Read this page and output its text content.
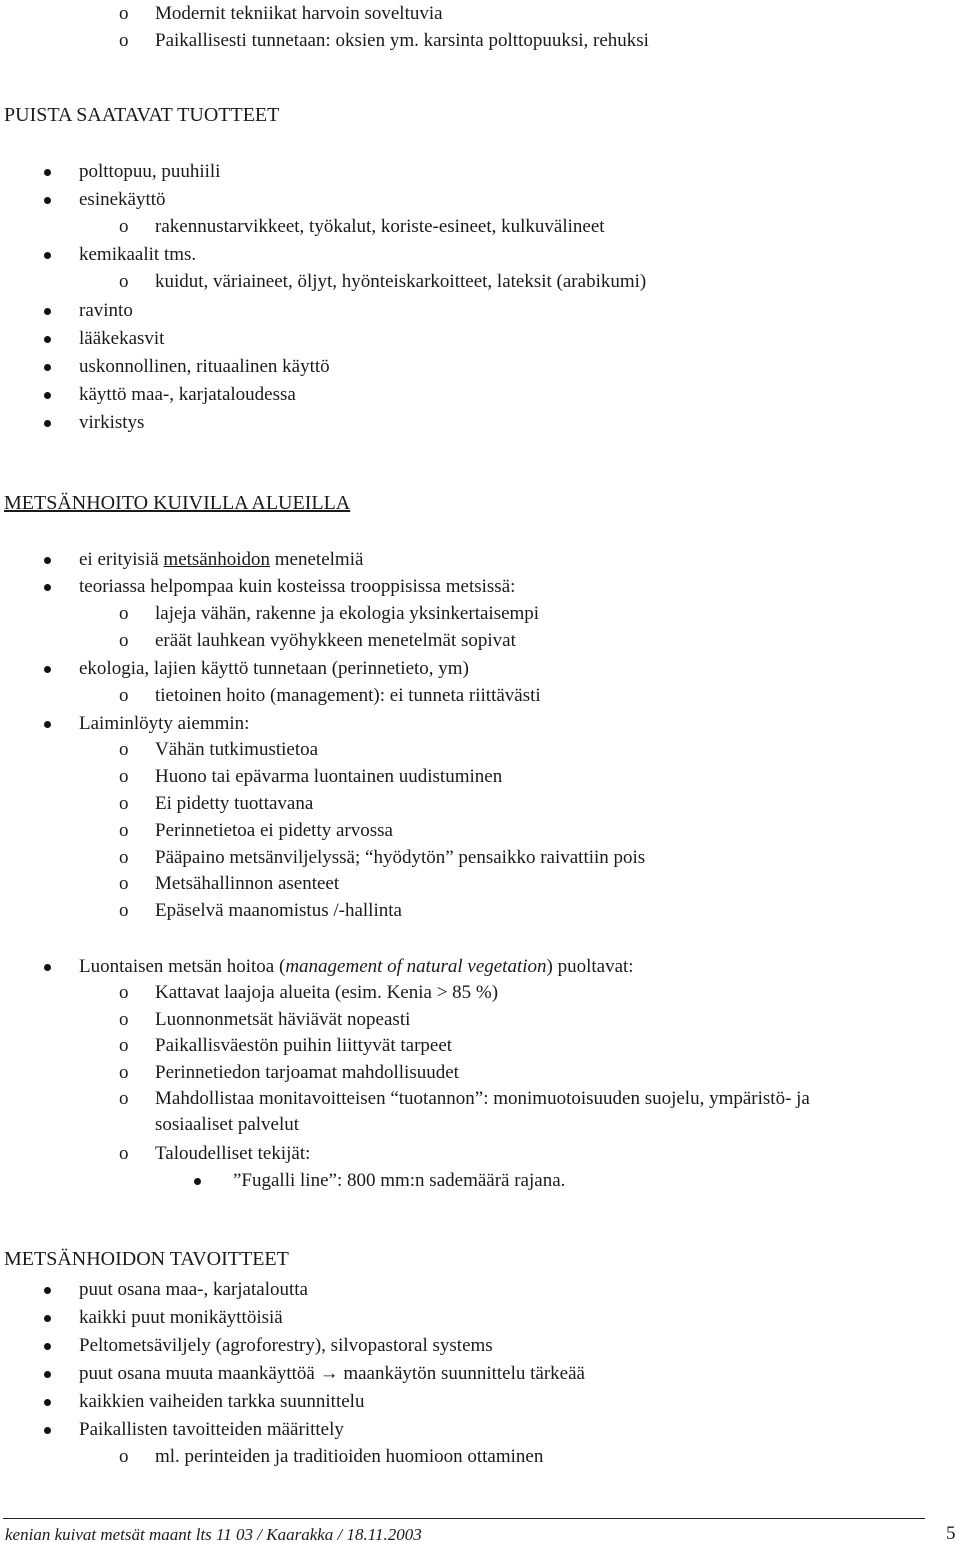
o Modernit tekniikat harvoin soveltuvia
o Paikallisesti tunnetaan: oksien ym. karsinta polttopuuksi, rehuksi
PUISTA SAATAVAT TUOTTEET
polttopuu, puuhiili
esinekäyttö
o rakennustarvikkeet, työkalut, koriste-esineet, kulkuvälineet
kemikaalit tms.
o kuidut, väriaineet, öljyt, hyönteiskarkoitteet, lateksit (arabikumi)
ravinto
lääkekasvit
uskonnollinen, rituaalinen käyttö
käyttö maa-, karjataloudessa
virkistys
METSÄNHOITO KUIVILLA ALUEILLA
ei erityisiä metsänhoidon menetelmiä
teoriassa helpompaa kuin kosteissa trooppisissa metsissä:
o lajeja vähän, rakenne ja ekologia yksinkertaisempi
o eräät lauhkean vyöhykkeen menetelmät sopivat
ekologia, lajien käyttö tunnetaan (perinnetieto, ym)
o tietoinen hoito (management): ei tunneta riittävästi
Laiminlöyty aiemmin:
o Vähän tutkimustietoa
o Huono tai epävarma luontainen uudistuminen
o Ei pidetty tuottavana
o Perinnetietoa ei pidetty arvossa
o Pääpaino metsänviljelyssä; “hyödytön” pensaikko raivattiin pois
o Metsähallinnon asenteet
o Epäselvä maanomistus /-hallinta
Luontaisen metsän hoitoa (management of natural vegetation) puoltavat:
o Kattavat laajoja alueita (esim. Kenia > 85 %)
o Luonnonmetsät häviävät nopeasti
o Paikallisväestön puihin liittyvät tarpeet
o Perinnetiedon tarjoamat mahdollisuudet
o Mahdollistaa monitavoitteisen “tuotannon”: monimuotoisuuden suojelu, ympäristö- ja
sosiaaliset palvelut
o Taloudelliset tekijät:
”Fugalli line”: 800 mm:n sademäärä rajana.
METSÄNHOIDON TAVOITTEET
puut osana maa-, karjataloutta
kaikki puut monikäyttöisiä
Peltometsäviljely (agroforestry), silvopastoral systems
puut osana muuta maankäyttöä → maankäytön suunnittelu tärkeää
kaikkien vaiheiden tarkka suunnittelu
Paikallisten tavoitteiden määrittely
o ml. perinteiden ja traditioiden huomioon ottaminen
kenian kuivat metsät maant lts 11 03 / Kaarakka / 18.11.2003	5
